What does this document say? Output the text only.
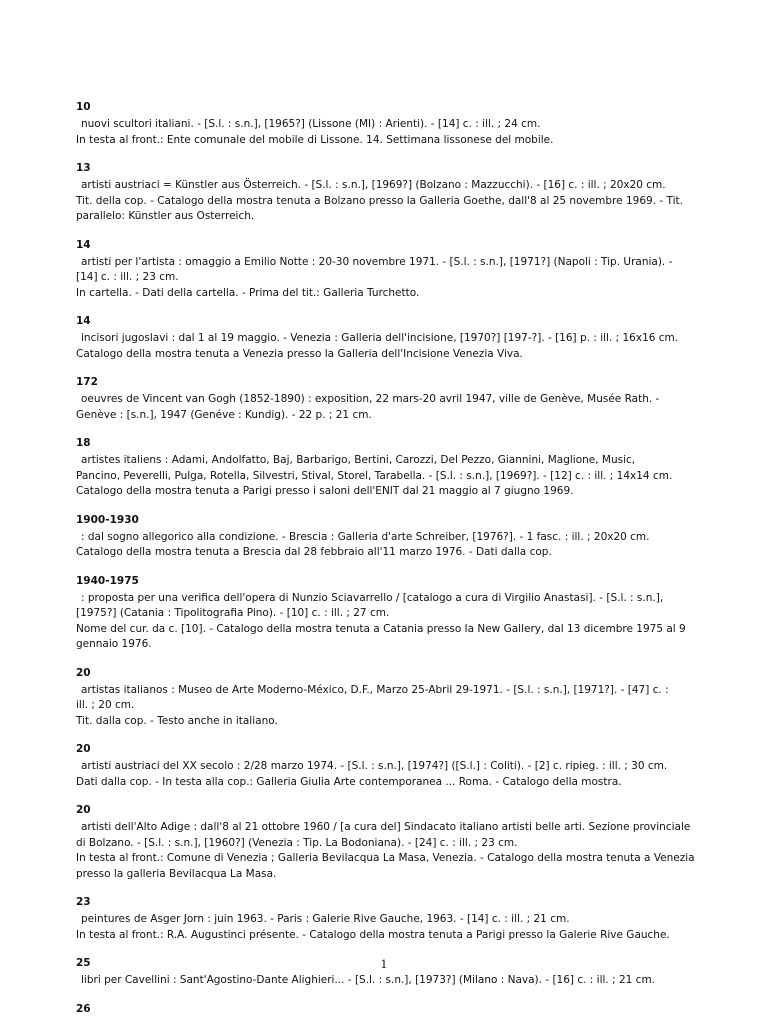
10
nuovi scultori italiani. - [S.l. : s.n.], [1965?] (Lissone (MI) : Arienti). - [14] c. : ill. ; 24 cm.
In testa al front.: Ente comunale del mobile di Lissone. 14. Settimana lissonese del mobile.
13
artisti austriaci = Künstler aus Österreich. - [S.l. : s.n.], [1969?] (Bolzano : Mazzucchi). - [16] c. : ill. ; 20x20 cm.
Tit. della cop. - Catalogo della mostra tenuta a Bolzano presso la Galleria Goethe, dall'8 al 25 novembre 1969. - Tit.
parallelo: Künstler aus Osterreich.
14
artisti per l'artista : omaggio a Emilio Notte : 20-30 novembre 1971. - [S.l. : s.n.], [1971?] (Napoli : Tip. Urania). -
[14] c. : ill. ; 23 cm.
In cartella. - Dati della cartella. - Prima del tit.: Galleria Turchetto.
14
incisori jugoslavi : dal 1 al 19 maggio. - Venezia : Galleria dell'incisione, [1970?] [197-?]. - [16] p. : ill. ; 16x16 cm.
Catalogo della mostra tenuta a Venezia presso la Galleria dell'Incisione Venezia Viva.
172
oeuvres de Vincent van Gogh (1852-1890) : exposition, 22 mars-20 avril 1947, ville de Genève, Musée Rath. -
Genève : [s.n.], 1947 (Genéve : Kundig). - 22 p. ; 21 cm.
18
artistes italiens : Adami, Andolfatto, Baj, Barbarigo, Bertini, Carozzi, Del Pezzo, Giannini, Maglione, Music,
Pancino, Peverelli, Pulga, Rotella, Silvestri, Stival, Storel, Tarabella. - [S.l. : s.n.], [1969?]. - [12] c. : ill. ; 14x14 cm.
Catalogo della mostra tenuta a Parigi presso i saloni dell'ENIT dal 21 maggio al 7 giugno 1969.
1900-1930
: dal sogno allegorico alla condizione. - Brescia : Galleria d'arte Schreiber, [1976?]. - 1 fasc. : ill. ; 20x20 cm.
Catalogo della mostra tenuta a Brescia dal 28 febbraio all'11 marzo 1976. - Dati dalla cop.
1940-1975
: proposta per una verifica dell'opera di Nunzio Sciavarrello / [catalogo a cura di Virgilio Anastasi]. - [S.l. : s.n.],
[1975?] (Catania : Tipolitografia Pino). - [10] c. : ill. ; 27 cm.
Nome del cur. da c. [10]. - Catalogo della mostra tenuta a Catania presso la New Gallery, dal 13 dicembre 1975 al 9
gennaio 1976.
20
artistas italianos : Museo de Arte Moderno-México, D.F., Marzo 25-Abril 29-1971. - [S.l. : s.n.], [1971?]. - [47] c. :
ill. ; 20 cm.
Tit. dalla cop. - Testo anche in italiano.
20
artisti austriaci del XX secolo : 2/28 marzo 1974. - [S.l. : s.n.], [1974?] ([S.l.] : Coliti). - [2] c. ripieg. : ill. ; 30 cm.
Dati dalla cop. - In testa alla cop.: Galleria Giulia Arte contemporanea ... Roma. - Catalogo della mostra.
20
artisti dell'Alto Adige : dall'8 al 21 ottobre 1960 / [a cura del] Sindacato italiano artisti belle arti. Sezione provinciale
di Bolzano. - [S.l. : s.n.], [1960?] (Venezia : Tip. La Bodoniana). - [24] c. : ill. ; 23 cm.
In testa al front.: Comune di Venezia ; Galleria Bevilacqua La Masa, Venezia. - Catalogo della mostra tenuta a Venezia
presso la galleria Bevilacqua La Masa.
23
peintures de Asger Jorn : juin 1963. - Paris : Galerie Rive Gauche, 1963. - [14] c. : ill. ; 21 cm.
In testa al front.: R.A. Augustinci présente. - Catalogo della mostra tenuta a Parigi presso la Galerie Rive Gauche.
25
libri per Cavellini : Sant'Agostino-Dante Alighieri... - [S.l. : s.n.], [1973?] (Milano : Nava). - [16] c. : ill. ; 21 cm.
26
1
